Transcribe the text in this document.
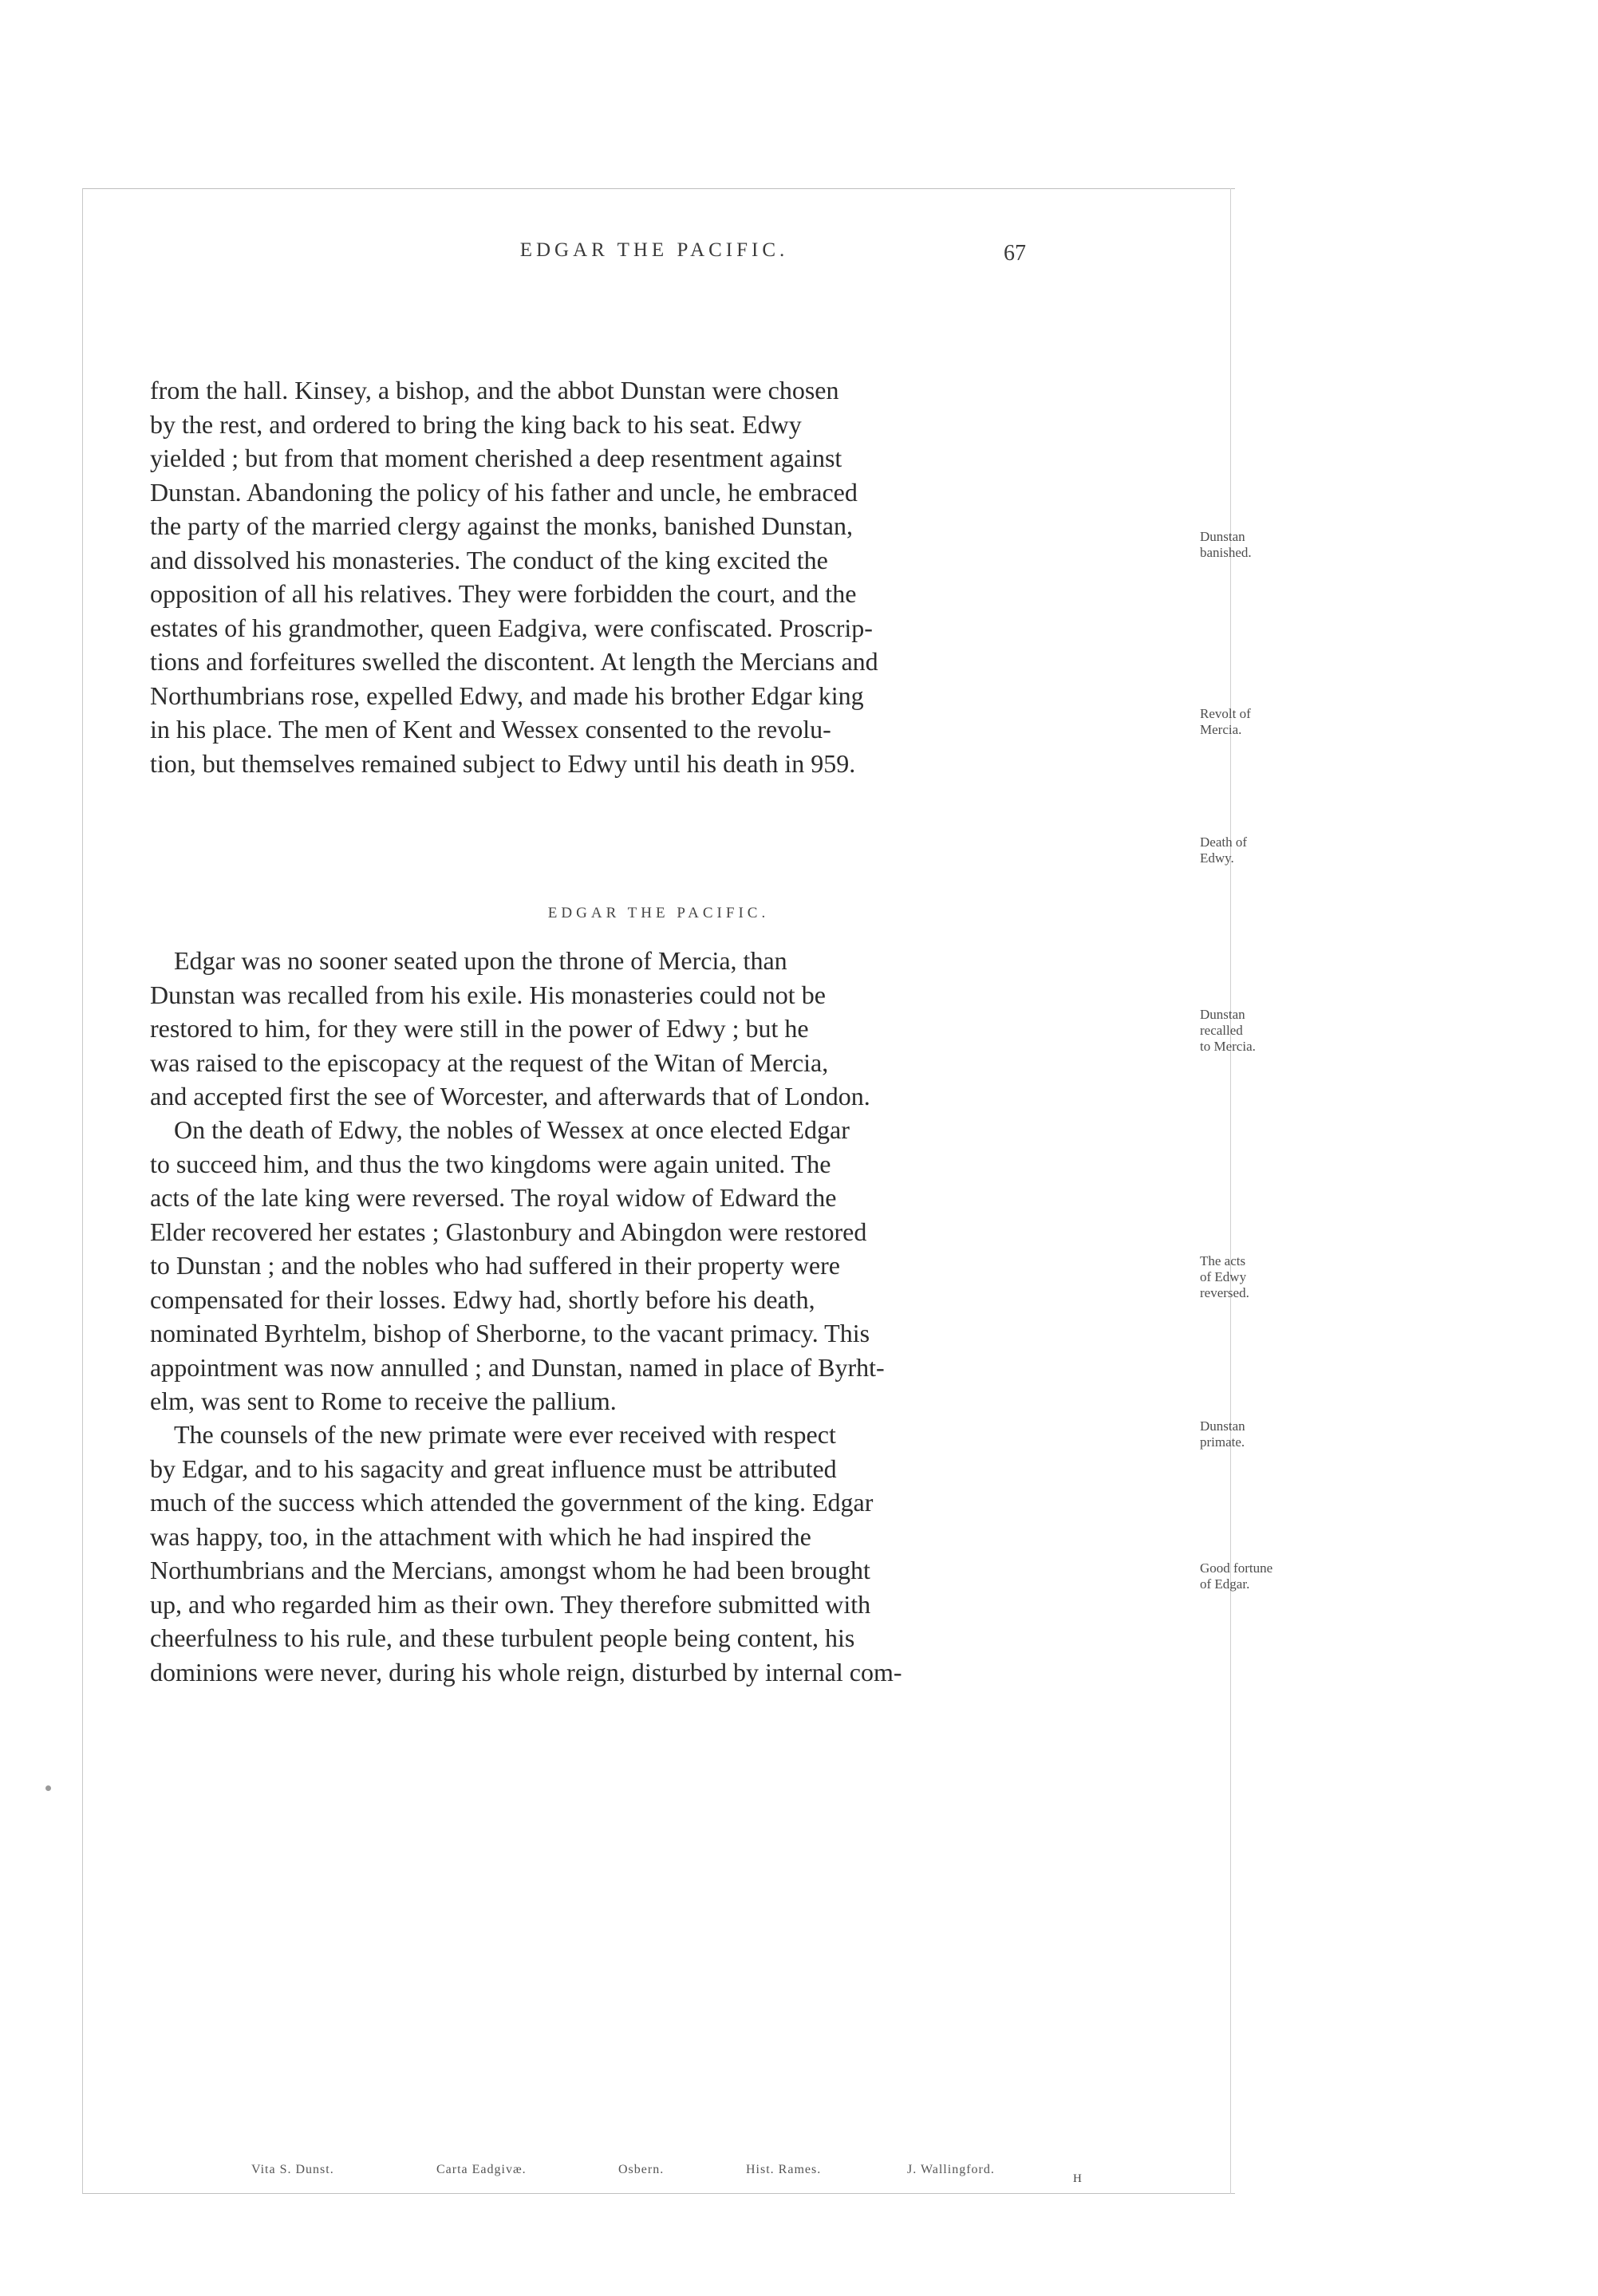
EDGAR THE PACIFIC.	67
from the hall. Kinsey, a bishop, and the abbot Dunstan were chosen
by the rest, and ordered to bring the king back to his seat. Edwy
yielded ; but from that moment cherished a deep resentment against
Dunstan. Abandoning the policy of his father and uncle, he embraced
the party of the married clergy against the monks, banished Dunstan,
and dissolved his monasteries. The conduct of the king excited the
opposition of all his relatives. They were forbidden the court, and the
estates of his grandmother, queen Eadgiva, were confiscated. Proscrip-
tions and forfeitures swelled the discontent. At length the Mercians and
Northumbrians rose, expelled Edwy, and made his brother Edgar king
in his place. The men of Kent and Wessex consented to the revolu-
tion, but themselves remained subject to Edwy until his death in 959.
EDGAR THE PACIFIC.
Edgar was no sooner seated upon the throne of Mercia, than
Dunstan was recalled from his exile. His monasteries could not be
restored to him, for they were still in the power of Edwy ; but he
was raised to the episcopacy at the request of the Witan of Mercia,
and accepted first the see of Worcester, and afterwards that of London.
On the death of Edwy, the nobles of Wessex at once elected Edgar
to succeed him, and thus the two kingdoms were again united. The
acts of the late king were reversed. The royal widow of Edward the
Elder recovered her estates ; Glastonbury and Abingdon were restored
to Dunstan ; and the nobles who had suffered in their property were
compensated for their losses. Edwy had, shortly before his death,
nominated Byrhtelm, bishop of Sherborne, to the vacant primacy. This
appointment was now annulled ; and Dunstan, named in place of Byrht-
elm, was sent to Rome to receive the pallium.
The counsels of the new primate were ever received with respect
by Edgar, and to his sagacity and great influence must be attributed
much of the success which attended the government of the king. Edgar
was happy, too, in the attachment with which he had inspired the
Northumbrians and the Mercians, amongst whom he had been brought
up, and who regarded him as their own. They therefore submitted with
cheerfulness to his rule, and these turbulent people being content, his
dominions were never, during his whole reign, disturbed by internal com-
Dunstan
banished.
Revolt of
Mercia.
Death of
Edwy.
Dunstan
recalled
to Mercia.
The acts
of Edwy
reversed.
Dunstan
primate.
Good fortune
of Edgar.
Vita S. Dunst.	Carta Eadgivæ.	Osbern.	Hist. Rames.	J. Wallingford.
H
